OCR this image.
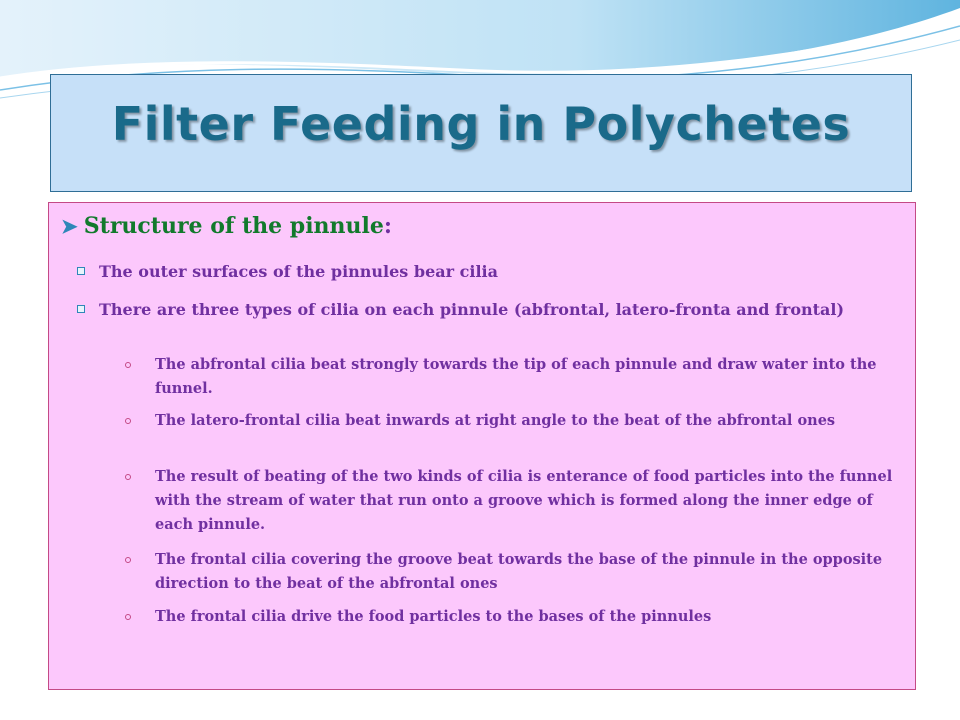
Filter Feeding in Polychetes
➤ Structure of the pinnule:
The outer surfaces of the pinnules bear cilia
There are three types of cilia on each pinnule (abfrontal, latero-fronta and frontal)
The abfrontal cilia beat strongly towards the tip of each pinnule and draw water into the funnel.
The latero-frontal cilia beat inwards at right angle to the beat of the abfrontal ones
The result of beating of the two kinds of cilia is enterance of food particles into the funnel with the stream of water that run onto a groove which is formed along the inner edge of each pinnule.
The frontal cilia covering the groove beat towards the base of the pinnule in the opposite direction to the beat of the abfrontal ones
The frontal cilia drive the food particles to the bases of the pinnules
